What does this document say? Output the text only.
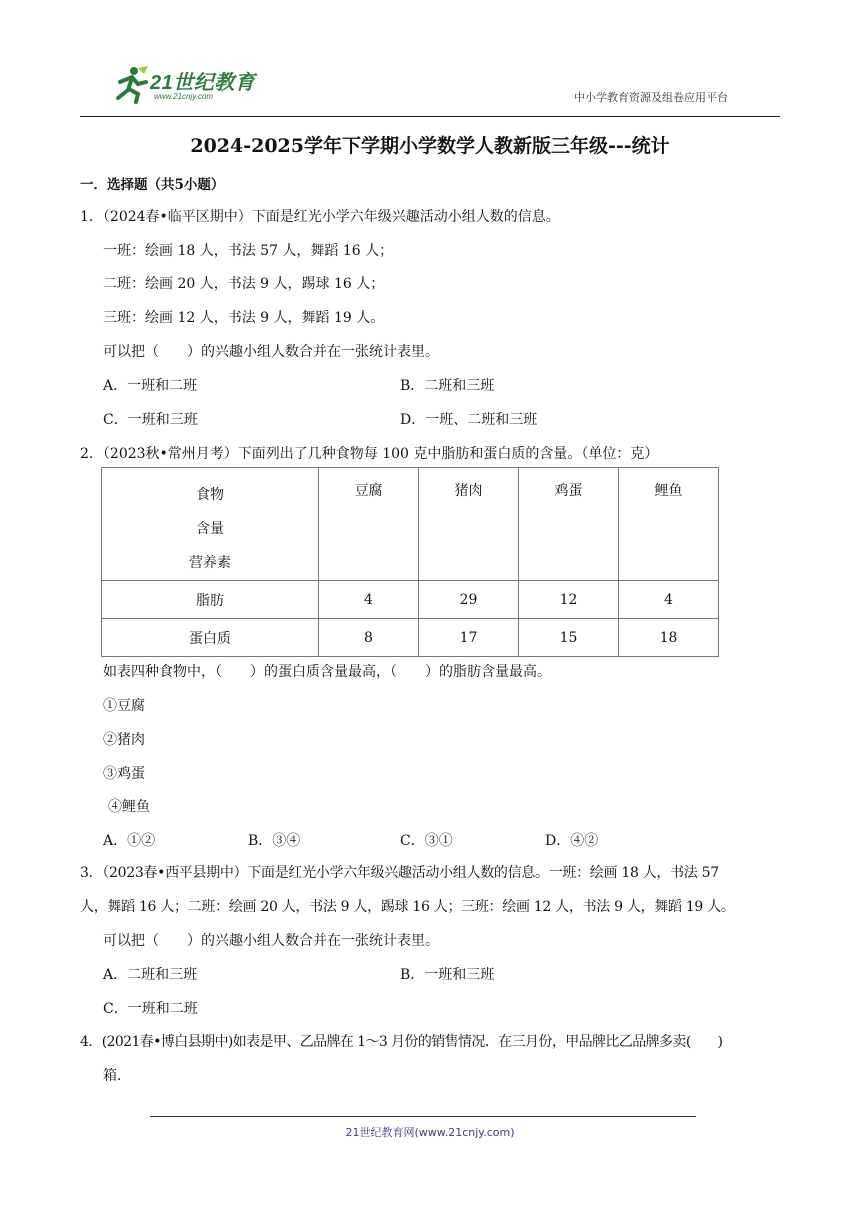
21世纪教育
www.21cnjy.com	中小学教育资源及组卷应用平台
2024-2025学年下学期小学数学人教新版三年级---统计
一．选择题（共5小题）
1．（2024春•临平区期中）下面是红光小学六年级兴趣活动小组人数的信息。
一班：绘画 18 人，书法 57 人，舞蹈 16 人；
二班：绘画 20 人，书法 9 人，踢球 16 人；
三班：绘画 12 人，书法 9 人，舞蹈 19 人。
可以把（　　）的兴趣小组人数合并在一张统计表里。
A．一班和二班	B．二班和三班
C．一班和三班	D．一班、二班和三班
2．（2023秋•常州月考）下面列出了几种食物每 100 克中脂肪和蛋白质的含量。（单位：克）
食物
含量
营养素	豆腐	猪肉	鸡蛋	鲤鱼
脂肪	4	29	12	4
蛋白质	8	17	15	18
如表四种食物中，（　　）的蛋白质含量最高，（　　）的脂肪含量最高。
①豆腐
②猪肉
③鸡蛋
④鲤鱼
A．①②	B．③④	C．③①	D．④②
3．（2023春•西平县期中）下面是红光小学六年级兴趣活动小组人数的信息。一班：绘画 18 人，书法 57
人，舞蹈 16 人；二班：绘画 20 人，书法 9 人，踢球 16 人；三班：绘画 12 人，书法 9 人，舞蹈 19 人。
可以把（　　）的兴趣小组人数合并在一张统计表里。
A．二班和三班	B．一班和三班
C．一班和二班
4．(2021春•博白县期中)如表是甲、乙品牌在 1～3 月份的销售情况．在三月份，甲品牌比乙品牌多卖(　　)
箱．
21世纪教育网(www.21cnjy.com)
